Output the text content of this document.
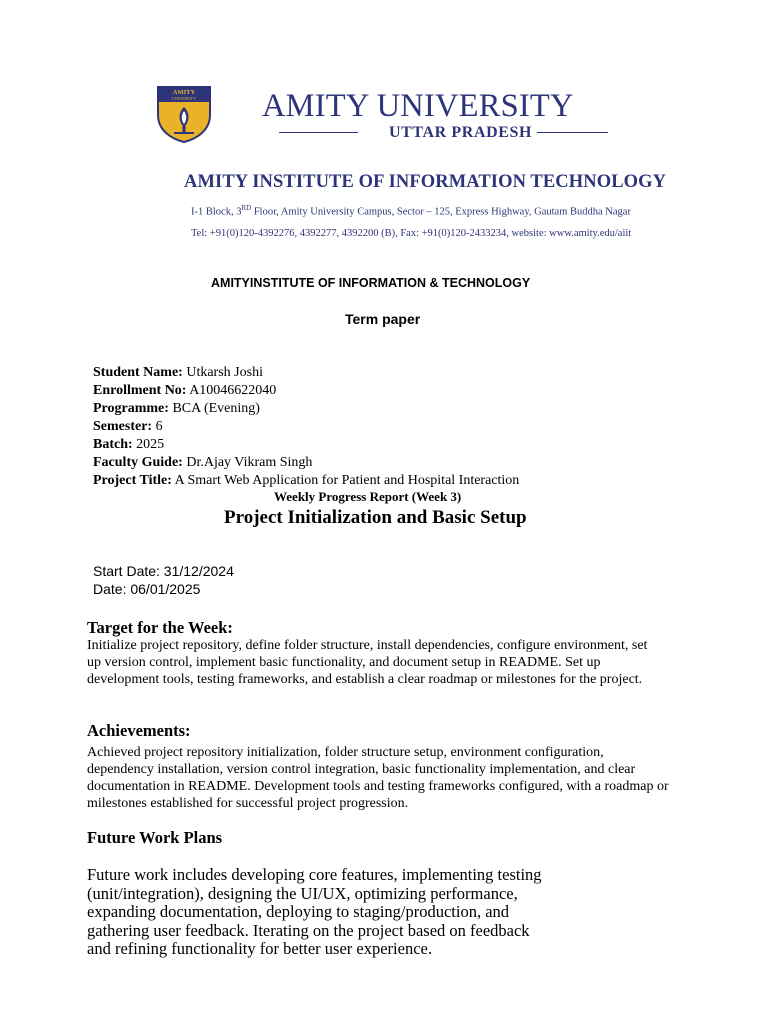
AMITY
UNIVERSITY AMITY UNIVERSITY
UTTAR PRADESH
AMITY INSTITUTE OF INFORMATION TECHNOLOGY
I-1 Block, 3RD Floor, Amity University Campus, Sector – 125, Express Highway, Gautam Buddha Nagar
Tel: +91(0)120-4392276, 4392277, 4392200 (B), Fax: +91(0)120-2433234, website: www.amity.edu/aiit
AMITYINSTITUTE OF INFORMATION & TECHNOLOGY
Term paper
Student Name: Utkarsh Joshi
Enrollment No: A10046622040
Programme: BCA (Evening)
Semester: 6
Batch: 2025
Faculty Guide: Dr.Ajay Vikram Singh
Project Title: A Smart Web Application for Patient and Hospital Interaction
Weekly Progress Report (Week 3)
Project Initialization and Basic Setup
Start Date: 31/12/2024
Date: 06/01/2025
Target for the Week:
Initialize project repository, define folder structure, install dependencies, configure environment, set up version control, implement basic functionality, and document setup in README. Set up development tools, testing frameworks, and establish a clear roadmap or milestones for the project.
Achievements:
Achieved project repository initialization, folder structure setup, environment configuration, dependency installation, version control integration, basic functionality implementation, and clear documentation in README. Development tools and testing frameworks configured, with a roadmap or milestones established for successful project progression.
Future Work Plans
Future work includes developing core features, implementing testing (unit/integration), designing the UI/UX, optimizing performance, expanding documentation, deploying to staging/production, and gathering user feedback. Iterating on the project based on feedback and refining functionality for better user experience.
